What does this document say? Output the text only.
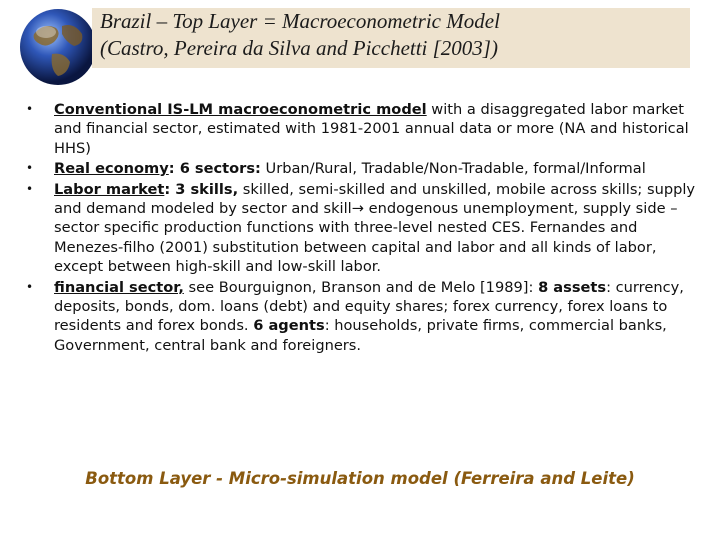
Brazil – Top Layer = Macroeconometric Model
(Castro, Pereira da Silva and Picchetti [2003])
• Conventional IS-LM macroeconometric model with a disaggregated labor market and financial sector, estimated with 1981-2001 annual data or more (NA and historical HHS)
• Real economy: 6 sectors: Urban/Rural, Tradable/Non-Tradable, formal/Informal
• Labor market: 3 skills, skilled, semi-skilled and unskilled, mobile across skills; supply and demand modeled by sector and skill→ endogenous unemployment, supply side – sector specific production functions with three-level nested CES. Fernandes and Menezes-filho (2001) substitution between capital and labor and all kinds of labor, except between high-skill and low-skill labor.
• financial sector, see Bourguignon, Branson and de Melo [1989]: 8 assets: currency, deposits, bonds, dom. loans (debt) and equity shares; forex currency, forex loans to residents and forex bonds. 6 agents: households, private firms, commercial banks, Government, central bank and foreigners.
Bottom Layer - Micro-simulation model (Ferreira and Leite)
